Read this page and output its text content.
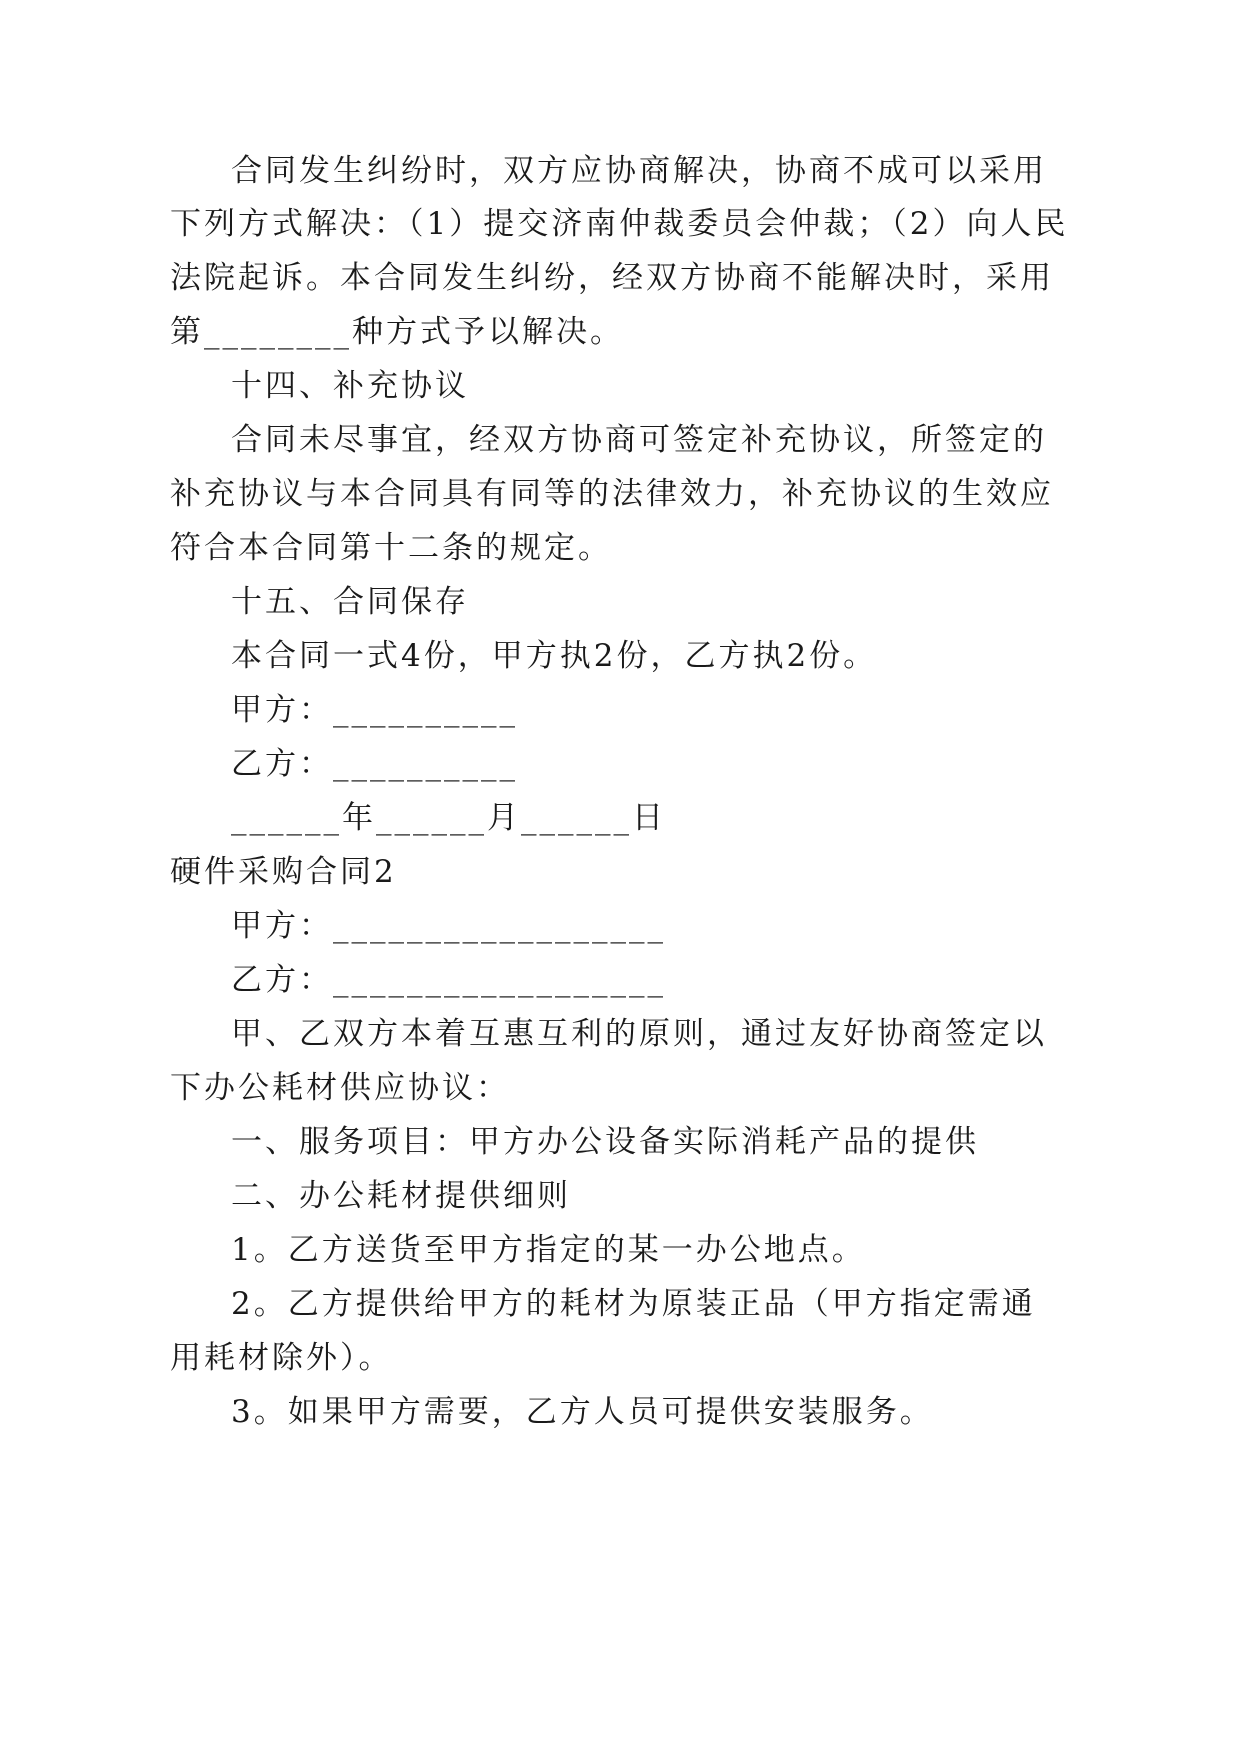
合同发生纠纷时，双方应协商解决，协商不成可以采用
下列方式解决：（1）提交济南仲裁委员会仲裁；（2）向人民
法院起诉。本合同发生纠纷，经双方协商不能解决时，采用
第________种方式予以解决。
十四、补充协议
合同未尽事宜，经双方协商可签定补充协议，所签定的
补充协议与本合同具有同等的法律效力，补充协议的生效应
符合本合同第十二条的规定。
十五、合同保存
本合同一式4份，甲方执2份，乙方执2份。
甲方：__________
乙方：__________
______年______月______日
硬件采购合同2
甲方：__________________
乙方：__________________
甲、乙双方本着互惠互利的原则，通过友好协商签定以
下办公耗材供应协议：
一、服务项目：甲方办公设备实际消耗产品的提供
二、办公耗材提供细则
1。乙方送货至甲方指定的某一办公地点。
2。乙方提供给甲方的耗材为原装正品（甲方指定需通
用耗材除外）。
3。如果甲方需要，乙方人员可提供安装服务。
